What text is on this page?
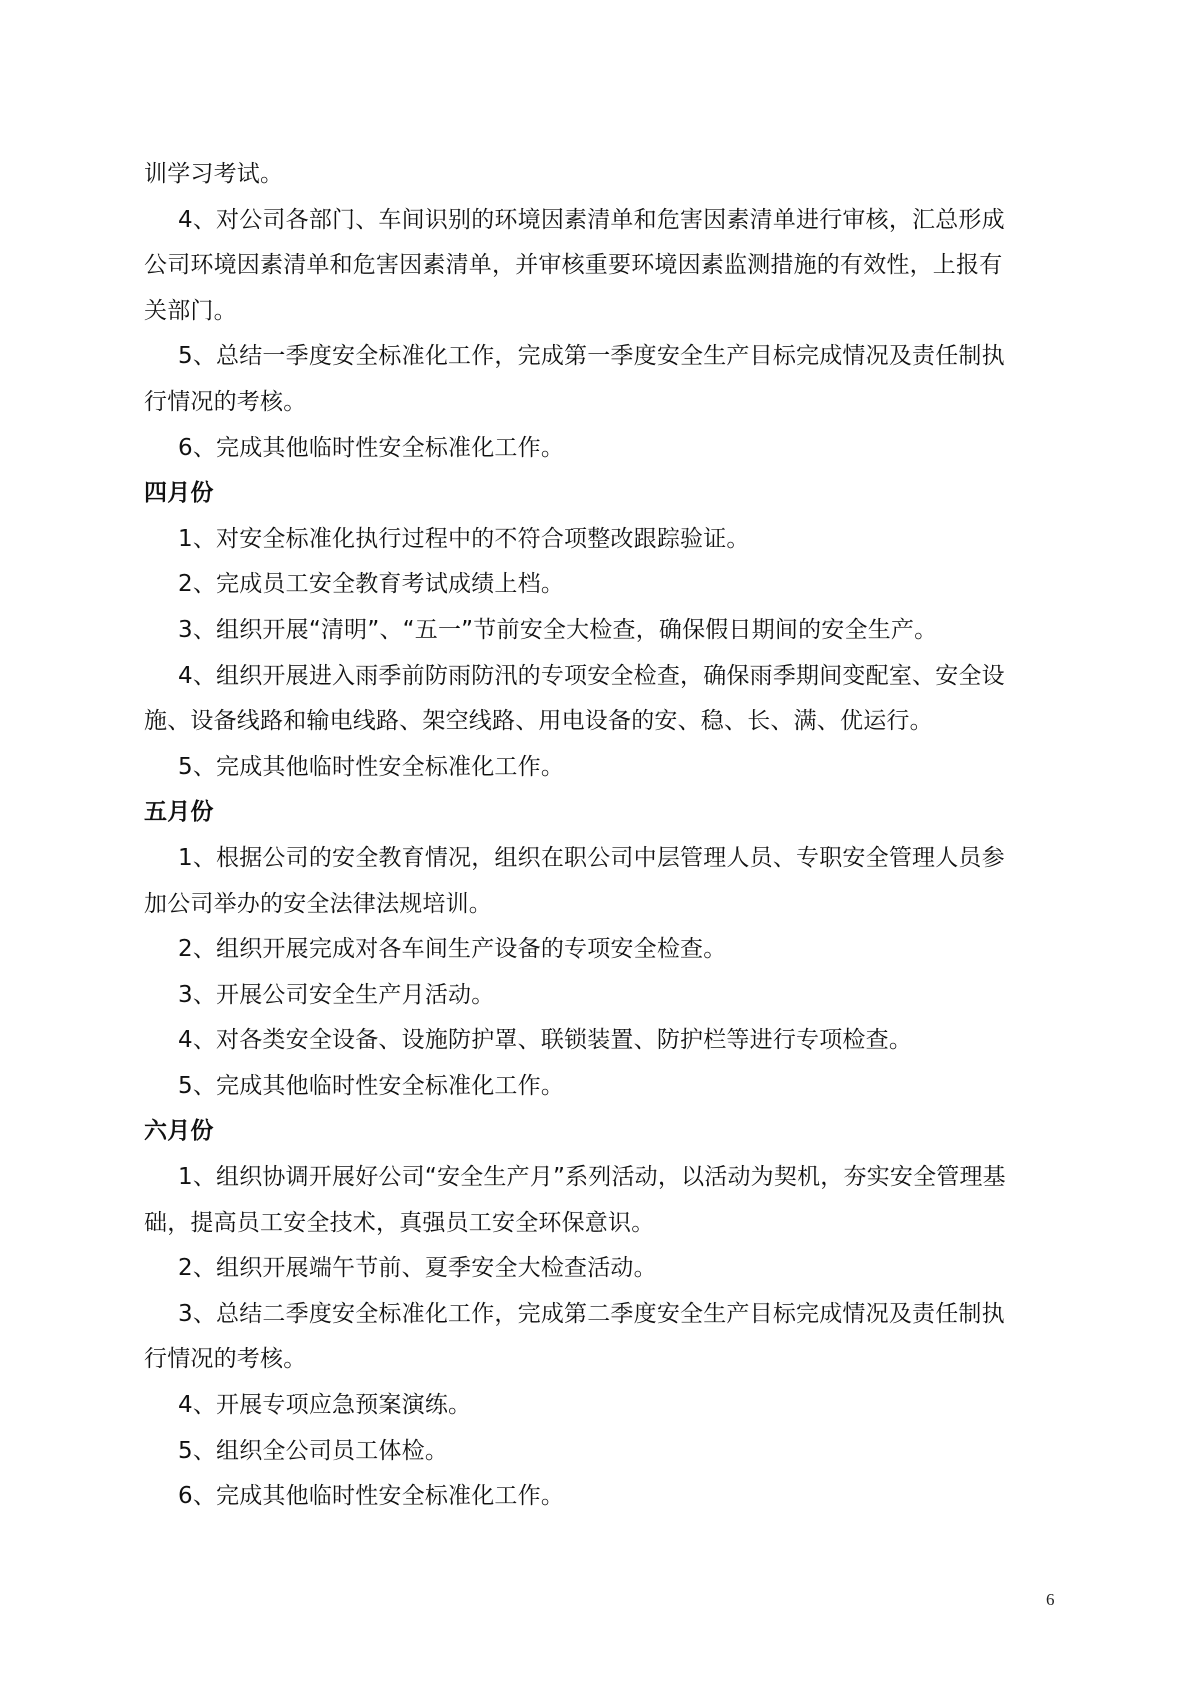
训学习考试。
4、对公司各部门、车间识别的环境因素清单和危害因素清单进行审核，汇总形成
公司环境因素清单和危害因素清单，并审核重要环境因素监测措施的有效性，上报有
关部门。
5、总结一季度安全标准化工作，完成第一季度安全生产目标完成情况及责任制执
行情况的考核。
6、完成其他临时性安全标准化工作。
四月份
1、对安全标准化执行过程中的不符合项整改跟踪验证。
2、完成员工安全教育考试成绩上档。
3、组织开展“清明”、“五一”节前安全大检查，确保假日期间的安全生产。
4、组织开展进入雨季前防雨防汛的专项安全检查，确保雨季期间变配室、安全设
施、设备线路和输电线路、架空线路、用电设备的安、稳、长、满、优运行。
5、完成其他临时性安全标准化工作。
五月份
1、根据公司的安全教育情况，组织在职公司中层管理人员、专职安全管理人员参
加公司举办的安全法律法规培训。
2、组织开展完成对各车间生产设备的专项安全检查。
3、开展公司安全生产月活动。
4、对各类安全设备、设施防护罩、联锁装置、防护栏等进行专项检查。
5、完成其他临时性安全标准化工作。
六月份
1、组织协调开展好公司“安全生产月”系列活动，以活动为契机，夯实安全管理基
础，提高员工安全技术，真强员工安全环保意识。
2、组织开展端午节前、夏季安全大检查活动。
3、总结二季度安全标准化工作，完成第二季度安全生产目标完成情况及责任制执
行情况的考核。
4、开展专项应急预案演练。
5、组织全公司员工体检。
6、完成其他临时性安全标准化工作。
6
